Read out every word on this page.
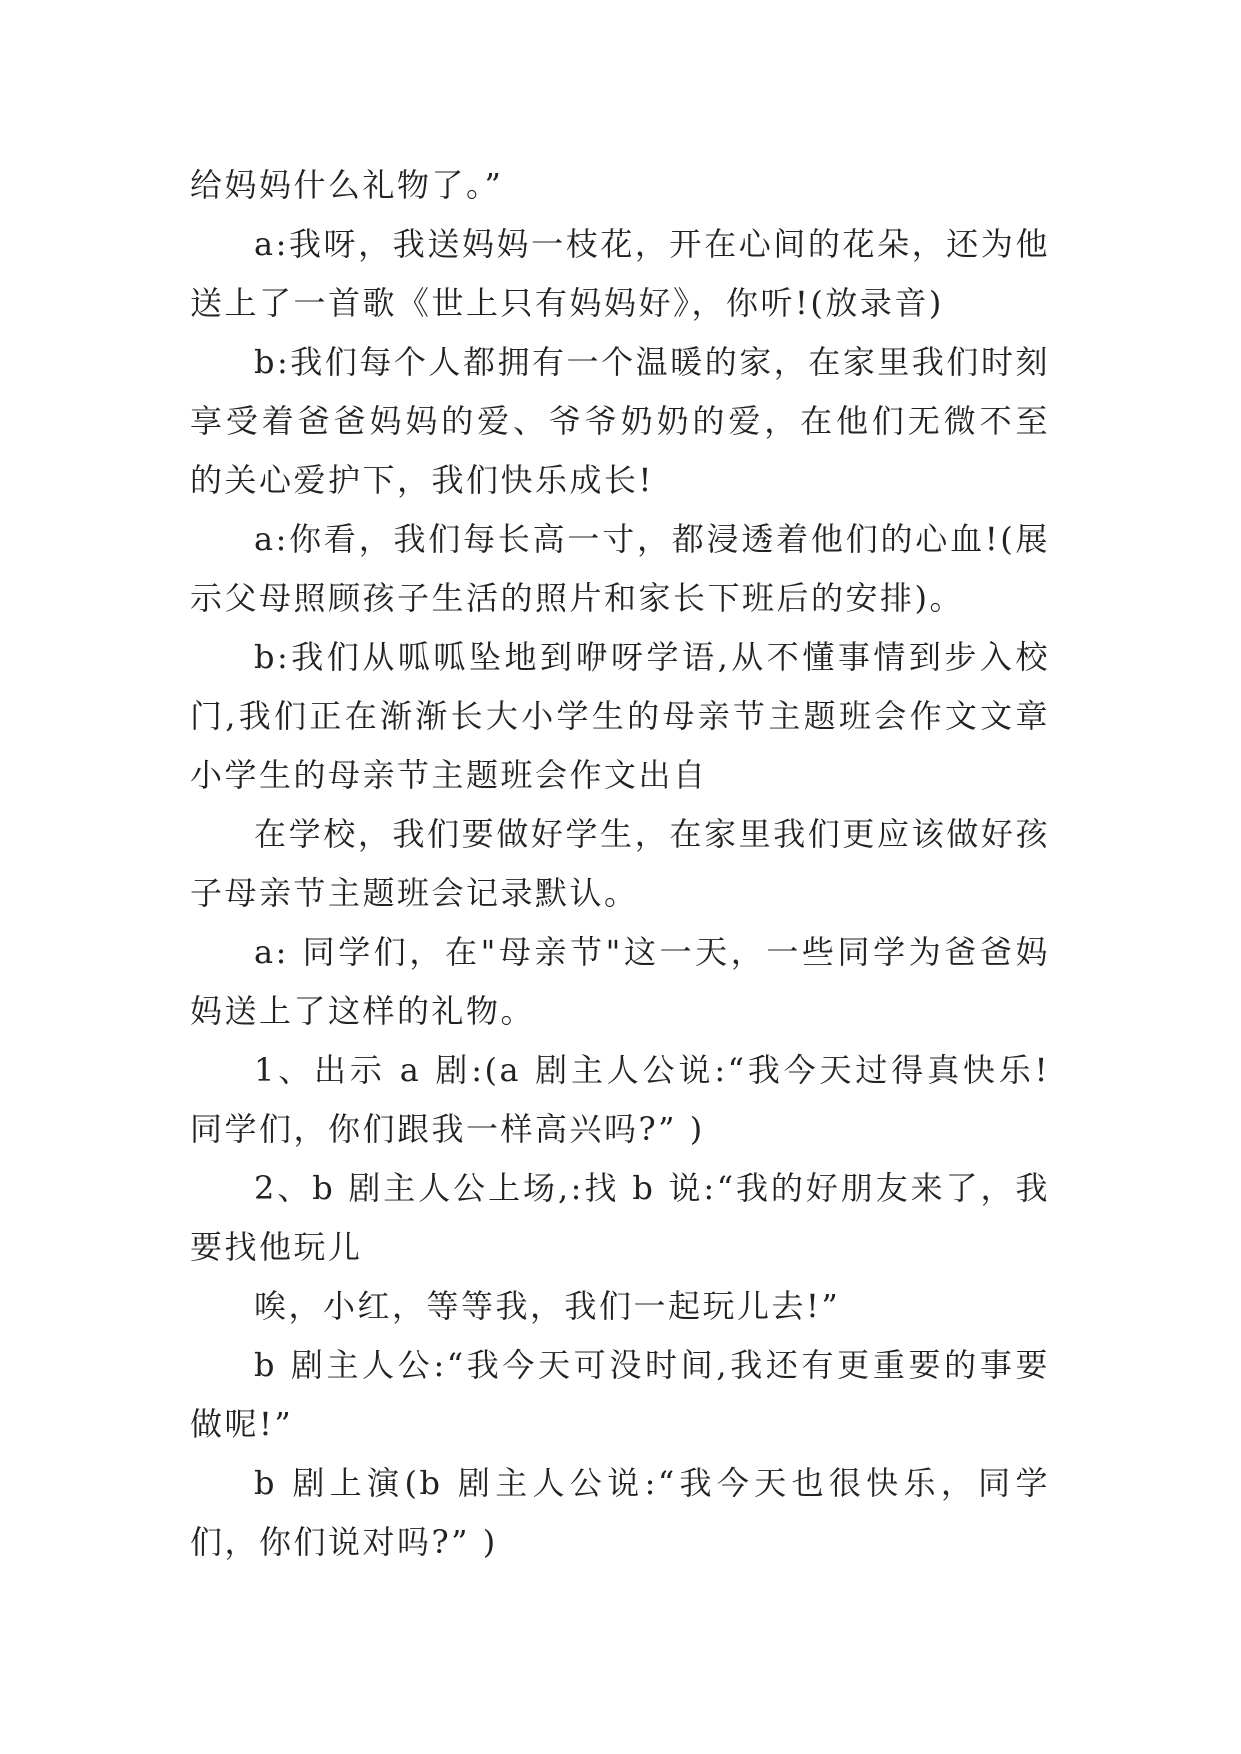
给妈妈什么礼物了。”

a:我呀，我送妈妈一枝花，开在心间的花朵，还为他送上了一首歌《世上只有妈妈好》，你听!(放录音)

b:我们每个人都拥有一个温暖的家，在家里我们时刻享受着爸爸妈妈的爱、爷爷奶奶的爱，在他们无微不至的关心爱护下，我们快乐成长!

a:你看，我们每长高一寸，都浸透着他们的心血!(展示父母照顾孩子生活的照片和家长下班后的安排)。

b:我们从呱呱坠地到咿呀学语,从不懂事情到步入校门,我们正在渐渐长大小学生的母亲节主题班会作文文章小学生的母亲节主题班会作文出自

在学校，我们要做好学生，在家里我们更应该做好孩子母亲节主题班会记录默认。

a: 同学们，在"母亲节"这一天，一些同学为爸爸妈妈送上了这样的礼物。

1、出示 a 剧:(a 剧主人公说:“我今天过得真快乐!同学们，你们跟我一样高兴吗?” )

2、b 剧主人公上场,:找 b 说:“我的好朋友来了，我要找他玩儿

唉，小红，等等我，我们一起玩儿去!”

b 剧主人公:“我今天可没时间,我还有更重要的事要做呢!”

b 剧上演(b 剧主人公说:“我今天也很快乐，同学们，你们说对吗?” )
